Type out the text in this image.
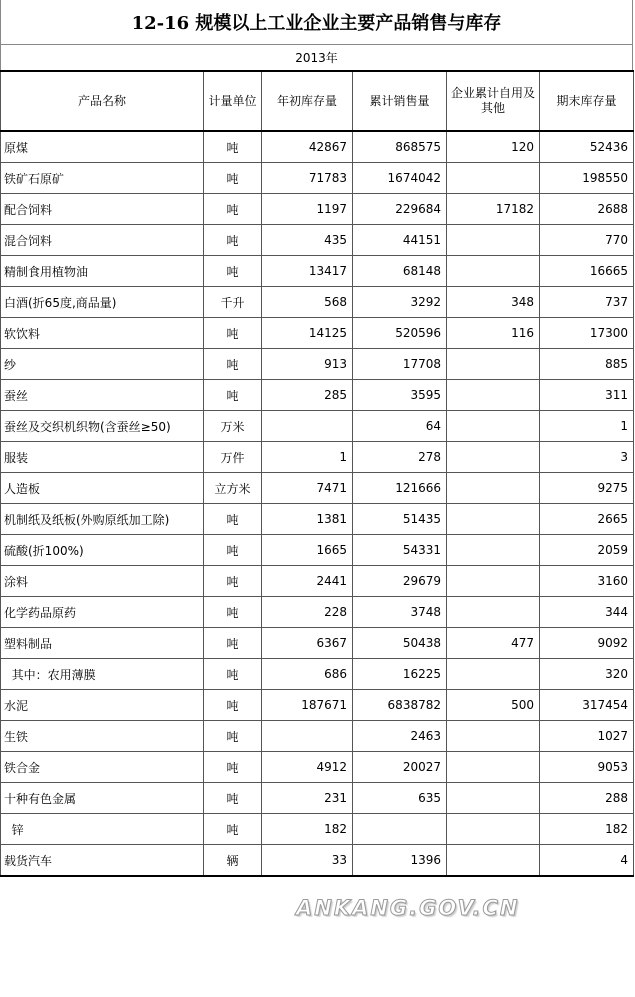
12-16 规模以上工业企业主要产品销售与库存
2013年
产品名称	计量单位	年初库存量	累计销售量	企业累计自用及其他	期末库存量
原煤	吨	42867	868575	120	52436
铁矿石原矿	吨	71783	1674042		198550
配合饲料	吨	1197	229684	17182	2688
混合饲料	吨	435	44151		770
精制食用植物油	吨	13417	68148		16665
白酒(折65度,商品量)	千升	568	3292	348	737
软饮料	吨	14125	520596	116	17300
纱	吨	913	17708		885
蚕丝	吨	285	3595		311
蚕丝及交织机织物(含蚕丝≥50)	万米		64		1
服装	万件	1	278		3
人造板	立方米	7471	121666		9275
机制纸及纸板(外购原纸加工除)	吨	1381	51435		2665
硫酸(折100%)	吨	1665	54331		2059
涂料	吨	2441	29679		3160
化学药品原药	吨	228	3748		344
塑料制品	吨	6367	50438	477	9092
其中：农用薄膜	吨	686	16225		320
水泥	吨	187671	6838782	500	317454
生铁	吨		2463		1027
铁合金	吨	4912	20027		9053
十种有色金属	吨	231	635		288
锌	吨	182			182
载货汽车	辆	33	1396		4
ANKANG.GOV.CN
